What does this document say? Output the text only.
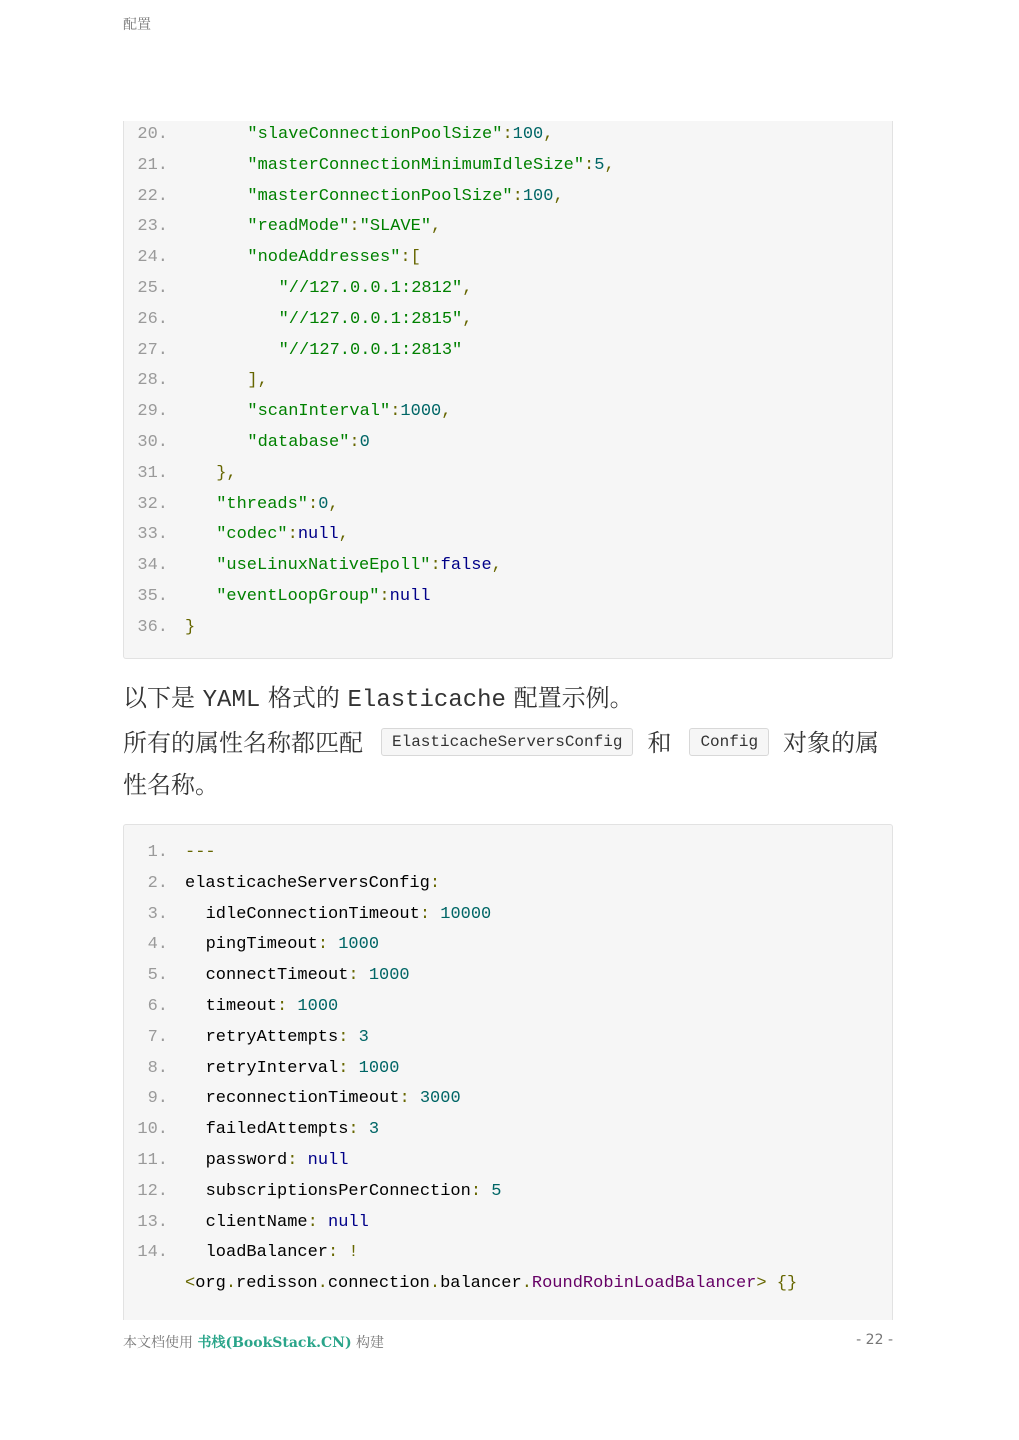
配置
20.	"slaveConnectionPoolSize":100,
21.	"masterConnectionMinimumIdleSize":5,
22.	"masterConnectionPoolSize":100,
23.	"readMode":"SLAVE",
24.	"nodeAddresses":[
25.	"//127.0.0.1:2812",
26.	"//127.0.0.1:2815",
27.	"//127.0.0.1:2813"
28.	],
29.	"scanInterval":1000,
30.	"database":0
31.	},
32.	"threads":0,
33.	"codec":null,
34.	"useLinuxNativeEpoll":false,
35.	"eventLoopGroup":null
36. }
以下是 YAML 格式的 Elasticache 配置示例。
所有的属性名称都匹配 ElasticacheServersConfig 和 Config 对象的属性名称。
1. ---
2. elasticacheServersConfig:
3.	idleConnectionTimeout: 10000
4.	pingTimeout: 1000
5.	connectTimeout: 1000
6.	timeout: 1000
7.	retryAttempts: 3
8.	retryInterval: 1000
9.	reconnectionTimeout: 3000
10.	failedAttempts: 3
11.	password: null
12.	subscriptionsPerConnection: 5
13.	clientName: null
14.	loadBalancer: !
<org.redisson.connection.balancer.RoundRobinLoadBalancer> {}
本文档使用 书栈(BookStack.CN) 构建	- 22 -
